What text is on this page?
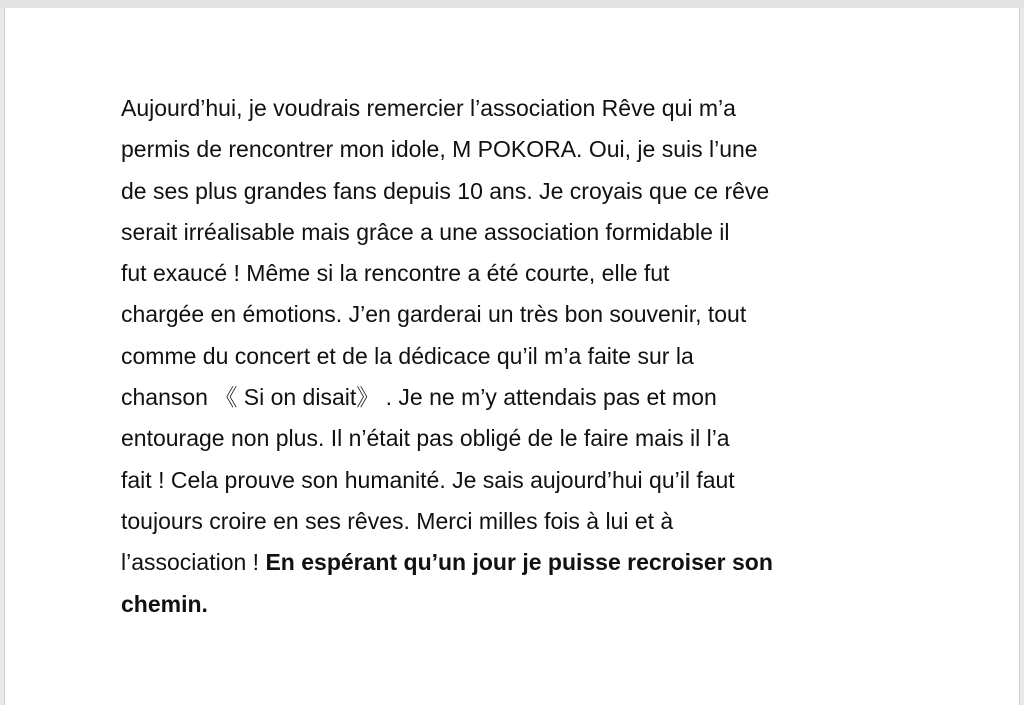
Aujourd’hui, je voudrais remercier l’association Rêve qui m’a
permis de rencontrer mon idole, M POKORA. Oui, je suis l’une
de ses plus grandes fans depuis 10 ans. Je croyais que ce rêve
serait irréalisable mais grâce a une association formidable il
fut exaucé ! Même si la rencontre a été courte, elle fut
chargée en émotions. J’en garderai un très bon souvenir, tout
comme du concert et de la dédicace qu’il m’a faite sur la
chanson 《 Si on disait》 . Je ne m’y attendais pas et mon
entourage non plus. Il n’était pas obligé de le faire mais il l’a
fait ! Cela prouve son humanité. Je sais aujourd’hui qu’il faut
toujours croire en ses rêves. Merci milles fois à lui et à
l’association ! En espérant qu’un jour je puisse recroiser son
chemin.
